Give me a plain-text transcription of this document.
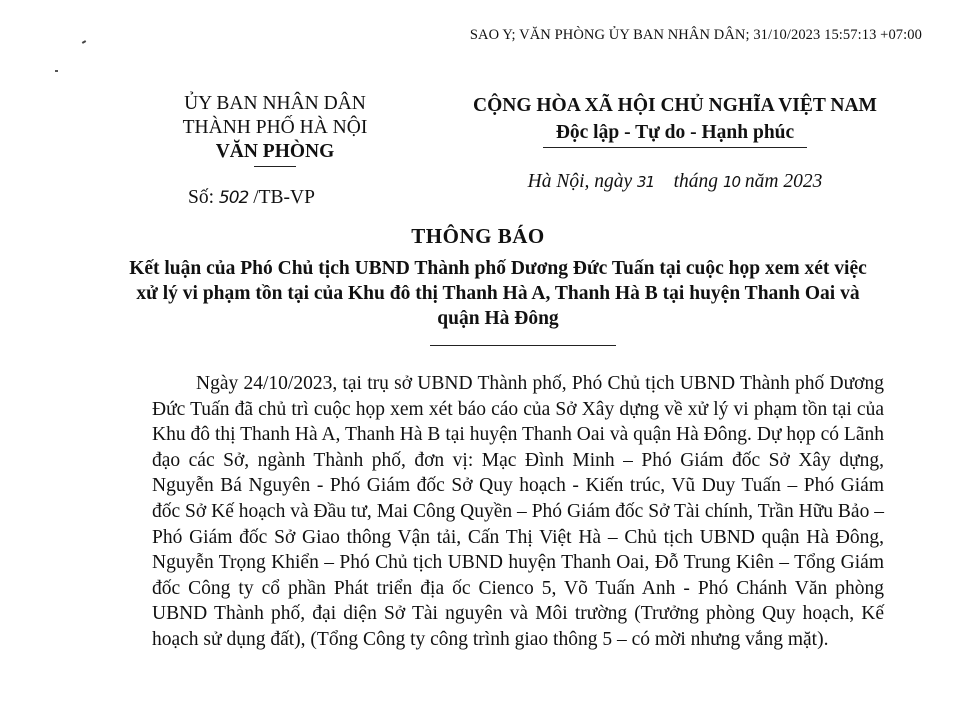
SAO Y; VĂN PHÒNG ỦY BAN NHÂN DÂN; 31/10/2023 15:57:13 +07:00
ỦY BAN NHÂN DÂN
THÀNH PHỐ HÀ NỘI
VĂN PHÒNG
Số: 502 /TB-VP
CỘNG HÒA XÃ HỘI CHỦ NGHĨA VIỆT NAM
Độc lập - Tự do - Hạnh phúc
Hà Nội, ngày 31 tháng 10 năm 2023
THÔNG BÁO
Kết luận của Phó Chủ tịch UBND Thành phố Dương Đức Tuấn tại cuộc họp xem xét việc xử lý vi phạm tồn tại của Khu đô thị Thanh Hà A, Thanh Hà B tại huyện Thanh Oai và quận Hà Đông
Ngày 24/10/2023, tại trụ sở UBND Thành phố, Phó Chủ tịch UBND Thành phố Dương Đức Tuấn đã chủ trì cuộc họp xem xét báo cáo của Sở Xây dựng về xử lý vi phạm tồn tại của Khu đô thị Thanh Hà A, Thanh Hà B tại huyện Thanh Oai và quận Hà Đông. Dự họp có Lãnh đạo các Sở, ngành Thành phố, đơn vị: Mạc Đình Minh – Phó Giám đốc Sở Xây dựng, Nguyễn Bá Nguyên - Phó Giám đốc Sở Quy hoạch - Kiến trúc, Vũ Duy Tuấn – Phó Giám đốc Sở Kế hoạch và Đầu tư, Mai Công Quyền – Phó Giám đốc Sở Tài chính, Trần Hữu Bảo – Phó Giám đốc Sở Giao thông Vận tải, Cấn Thị Việt Hà – Chủ tịch UBND quận Hà Đông, Nguyễn Trọng Khiển – Phó Chủ tịch UBND huyện Thanh Oai, Đỗ Trung Kiên – Tổng Giám đốc Công ty cổ phần Phát triển địa ốc Cienco 5, Võ Tuấn Anh - Phó Chánh Văn phòng UBND Thành phố, đại diện Sở Tài nguyên và Môi trường (Trưởng phòng Quy hoạch, Kế hoạch sử dụng đất), (Tổng Công ty công trình giao thông 5 – có mời nhưng vắng mặt).
